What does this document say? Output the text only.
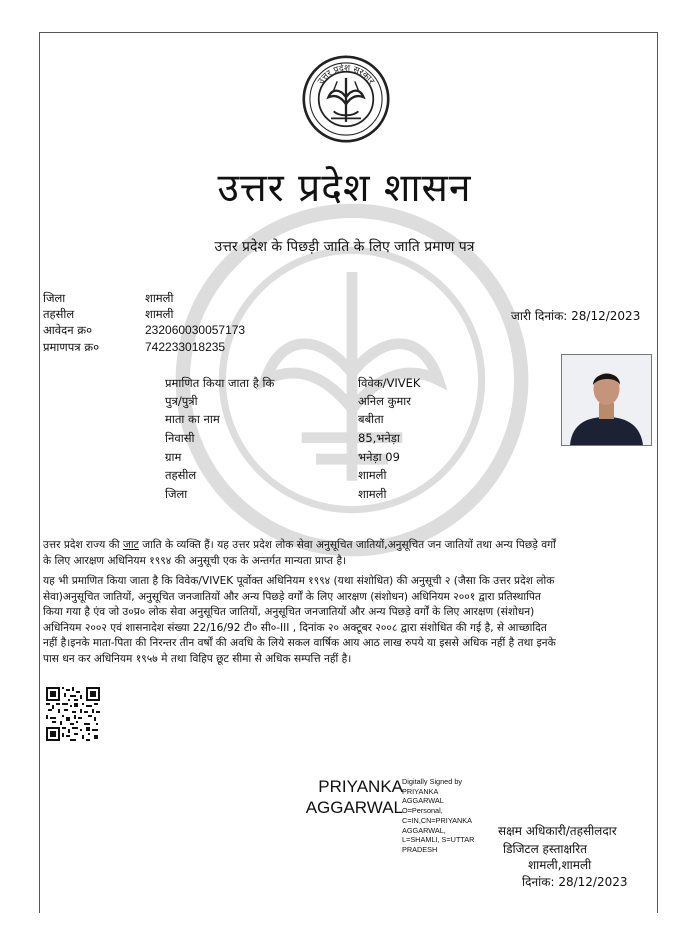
उत्तर प्रदेश सरकार
उत्तर प्रदेश शासन
उत्तर प्रदेश के पिछड़ी जाति के लिए जाति प्रमाण पत्र
जिला	शामली
तहसील	शामली
आवेदन क्र०	232060030057173
प्रमाणपत्र क्र०	742233018235
जारी दिनांक: 28/12/2023
प्रमाणित किया जाता है कि	विवेक/VIVEK
पुत्र/पुत्री	अनिल कुमार
माता का नाम	बबीता
निवासी	85,भनेड़ा
ग्राम	भनेड़ा 09
तहसील	शामली
जिला	शामली
उत्तर प्रदेश राज्य की जाट जाति के व्यक्ति हैं। यह उत्तर प्रदेश लोक सेवा अनुसूचित जातियों,अनुसूचित जन जातियों तथा अन्य पिछड़े वर्गों
के लिए आरक्षण अधिनियम १९९४ की अनुसूची एक के अन्तर्गत मान्यता प्राप्त है।
यह भी प्रमाणित किया जाता है कि विवेक/VIVEK पूर्वोक्त अधिनियम १९९४ (यथा संशोधित) की अनुसूची २ (जैसा कि उत्तर प्रदेश लोक
सेवा)अनुसूचित जातियों, अनुसूचित जनजातियों और अन्य पिछड़े वर्गों के लिए आरक्षण (संशोधन) अधिनियम २००१ द्वारा प्रतिस्थापित
किया गया है एंव जो उ०प्र० लोक सेवा अनुसूचित जातियों, अनुसूचित जनजातियों और अन्य पिछड़े वर्गों के लिए आरक्षण (संशोधन)
अधिनियम २००२ एवं शासनादेश संख्या 22/16/92 टी० सी०-III , दिनांक २० अक्टूबर २००८ द्वारा संशोधित की गई है, से आच्छादित
नहीं है।इनके माता-पिता की निरन्तर तीन वर्षों की अवधि के लिये सकल वार्षिक आय आठ लाख रुपये या इससे अधिक नहीं है तथा इनके
पास धन कर अधिनियम १९५७ मे तथा विहिप छूट सीमा से अधिक सम्पत्ति नहीं है।
PRIYANKA
AGGARWAL
Digitally Signed by
PRIYANKA
AGGARWAL
O=Personal,
C=IN,CN=PRIYANKA
AGGARWAL,
L=SHAMLI, S=UTTAR
PRADESH
सक्षम अधिकारी/तहसीलदार
डिजिटल हस्ताक्षरित
शामली,शामली
दिनांक: 28/12/2023
